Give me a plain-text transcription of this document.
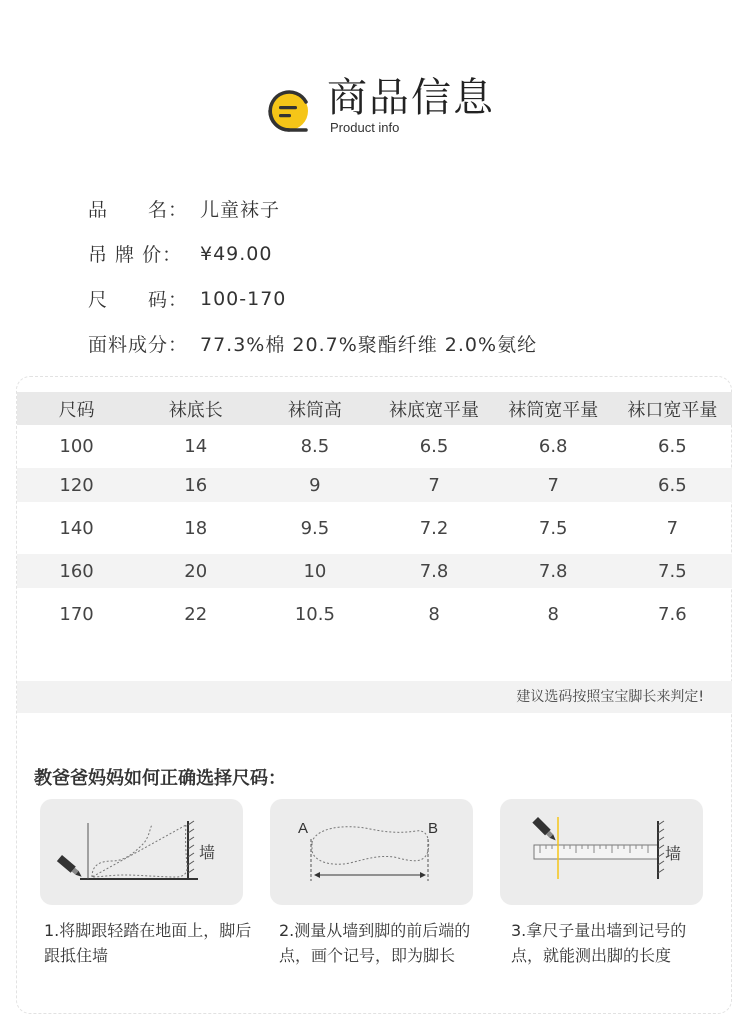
商品信息
Product info
品　　名： 儿童袜子
吊 牌 价： ¥49.00
尺　　码： 100-170
面料成分： 77.3%棉 20.7%聚酯纤维 2.0%氨纶
尺码	袜底长	袜筒高	袜底宽平量	袜筒宽平量	袜口宽平量
100	14	8.5	6.5	6.8	6.5
120	16	9	7	7	6.5
140	18	9.5	7.2	7.5	7
160	20	10	7.8	7.8	7.5
170	22	10.5	8	8	7.6
建议选码按照宝宝脚长来判定!
教爸爸妈妈如何正确选择尺码：
墙
A	B
墙
1.将脚跟轻踏在地面上，脚后跟抵住墙
2.测量从墙到脚的前后端的点，画个记号，即为脚长
3.拿尺子量出墙到记号的点，就能测出脚的长度
